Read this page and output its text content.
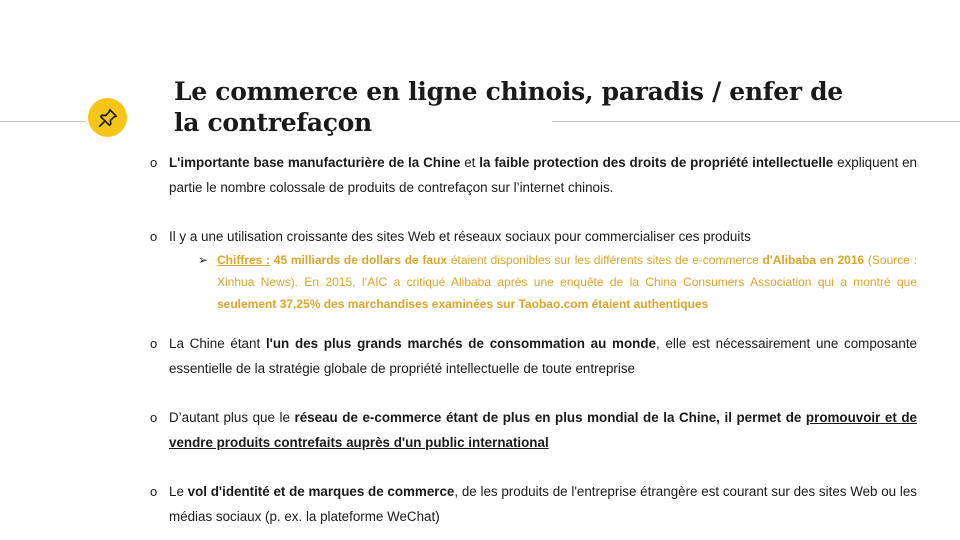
Le commerce en ligne chinois, paradis / enfer de la contrefaçon
o L'importante base manufacturière de la Chine et la faible protection des droits de propriété intellectuelle expliquent en partie le nombre colossale de produits de contrefaçon sur l’internet chinois.
o Il y a une utilisation croissante des sites Web et réseaux sociaux pour commercialiser ces produits
➢ Chiffres : 45 milliards de dollars de faux étaient disponibles sur les différents sites de e-commerce d'Alibaba en 2016 (Source : Xinhua News). En 2015, l’AIC a critiqué Alibaba après une enquête de la China Consumers Association qui a montré que seulement 37,25% des marchandises examinées sur Taobao.com étaient authentiques
o La Chine étant l'un des plus grands marchés de consommation au monde, elle est nécessairement une composante essentielle de la stratégie globale de propriété intellectuelle de toute entreprise
o D’autant plus que le réseau de e-commerce étant de plus en plus mondial de la Chine, il permet de promouvoir et de vendre produits contrefaits auprès d'un public international
o Le vol d'identité et de marques de commerce, de les produits de l'entreprise étrangère est courant sur des sites Web ou les médias sociaux (p. ex. la plateforme WeChat)
